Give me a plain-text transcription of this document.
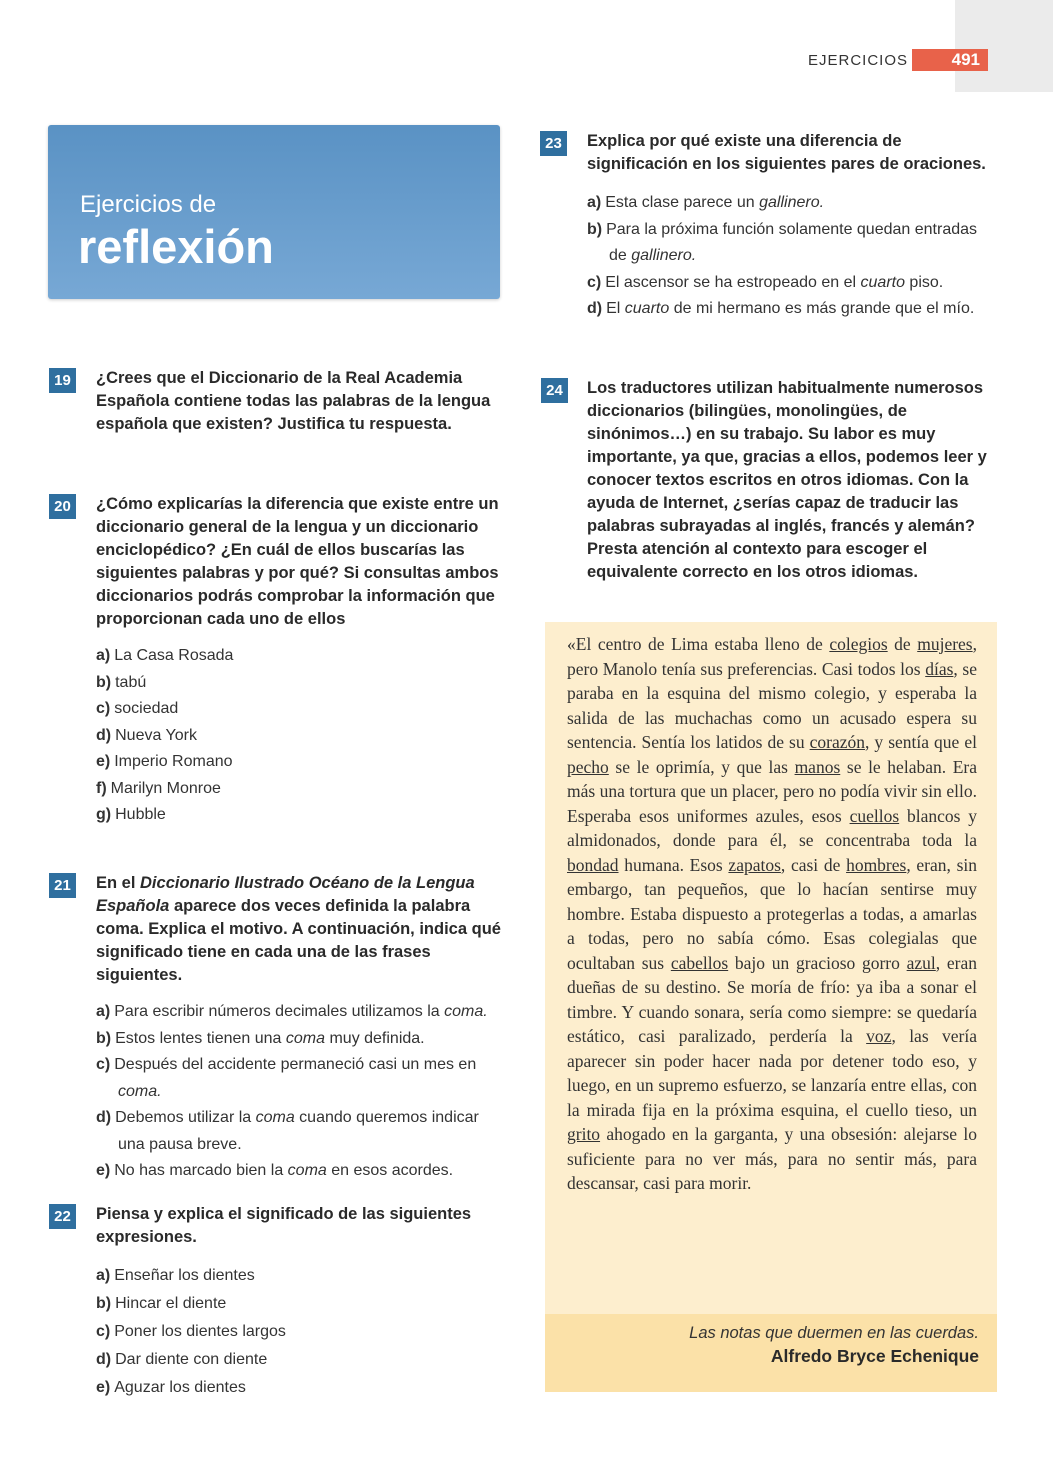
EJERCICIOS	491
Ejercicios de
reflexión
19	¿Crees que el Diccionario de la Real Academia Española contiene todas las palabras de la lengua española que existen? Justifica tu respuesta.

20	¿Cómo explicarías la diferencia que existe entre un diccionario general de la lengua y un diccionario enciclopédico? ¿En cuál de ellos buscarías las siguientes palabras y por qué? Si consultas ambos diccionarios podrás comprobar la información que proporcionan cada uno de ellos

a) La Casa Rosada
b) tabú
c) sociedad
d) Nueva York
e) Imperio Romano
f) Marilyn Monroe
g) Hubble
21	En el Diccionario Ilustrado Océano de la Lengua Española aparece dos veces definida la palabra coma. Explica el motivo. A continuación, indica qué significado tiene en cada una de las frases siguientes.

a) Para escribir números decimales utilizamos la coma.
b) Estos lentes tienen una coma muy definida.
c) Después del accidente permaneció casi un mes en coma.
d) Debemos utilizar la coma cuando queremos indicar una pausa breve.
e) No has marcado bien la coma en esos acordes.
22	Piensa y explica el significado de las siguientes expresiones.

a) Enseñar los dientes
b) Hincar el diente
c) Poner los dientes largos
d) Dar diente con diente
e) Aguzar los dientes
23	Explica por qué existe una diferencia de significación en los siguientes pares de oraciones.

a) Esta clase parece un gallinero.
b) Para la próxima función solamente quedan entradas de gallinero.
c) El ascensor se ha estropeado en el cuarto piso.
d) El cuarto de mi hermano es más grande que el mío.
24	Los traductores utilizan habitualmente numerosos diccionarios (bilingües, monolingües, de sinónimos…) en su trabajo. Su labor es muy importante, ya que, gracias a ellos, podemos leer y conocer textos escritos en otros idiomas. Con la ayuda de Internet, ¿serías capaz de traducir las palabras subrayadas al inglés, francés y alemán? Presta atención al contexto para escoger el equivalente correcto en los otros idiomas.

«El centro de Lima estaba lleno de colegios de mujeres, pero Manolo tenía sus preferencias. Casi todos los días, se paraba en la esquina del mismo colegio, y esperaba la salida de las muchachas como un acusado espera su sentencia. Sentía los latidos de su corazón, y sentía que el pecho se le oprimía, y que las manos se le helaban. Era más una tortura que un placer, pero no podía vivir sin ello. Esperaba esos uniformes azules, esos cuellos blancos y almidonados, donde para él, se concentraba toda la bondad humana. Esos zapatos, casi de hombres, eran, sin embargo, tan pequeños, que lo hacían sentirse muy hombre. Estaba dispuesto a protegerlas a todas, a amarlas a todas, pero no sabía cómo. Esas colegialas que ocultaban sus cabellos bajo un gracioso gorro azul, eran dueñas de su destino. Se moría de frío: ya iba a sonar el timbre. Y cuando sonara, sería como siempre: se quedaría estático, casi paralizado, perdería la voz, las vería aparecer sin poder hacer nada por detener todo eso, y luego, en un supremo esfuerzo, se lanzaría entre ellas, con la mirada fija en la próxima esquina, el cuello tieso, un grito ahogado en la garganta, y una obsesión: alejarse lo suficiente para no ver más, para no sentir más, para descansar, casi para morir.
Las notas que duermen en las cuerdas.
Alfredo Bryce Echenique
